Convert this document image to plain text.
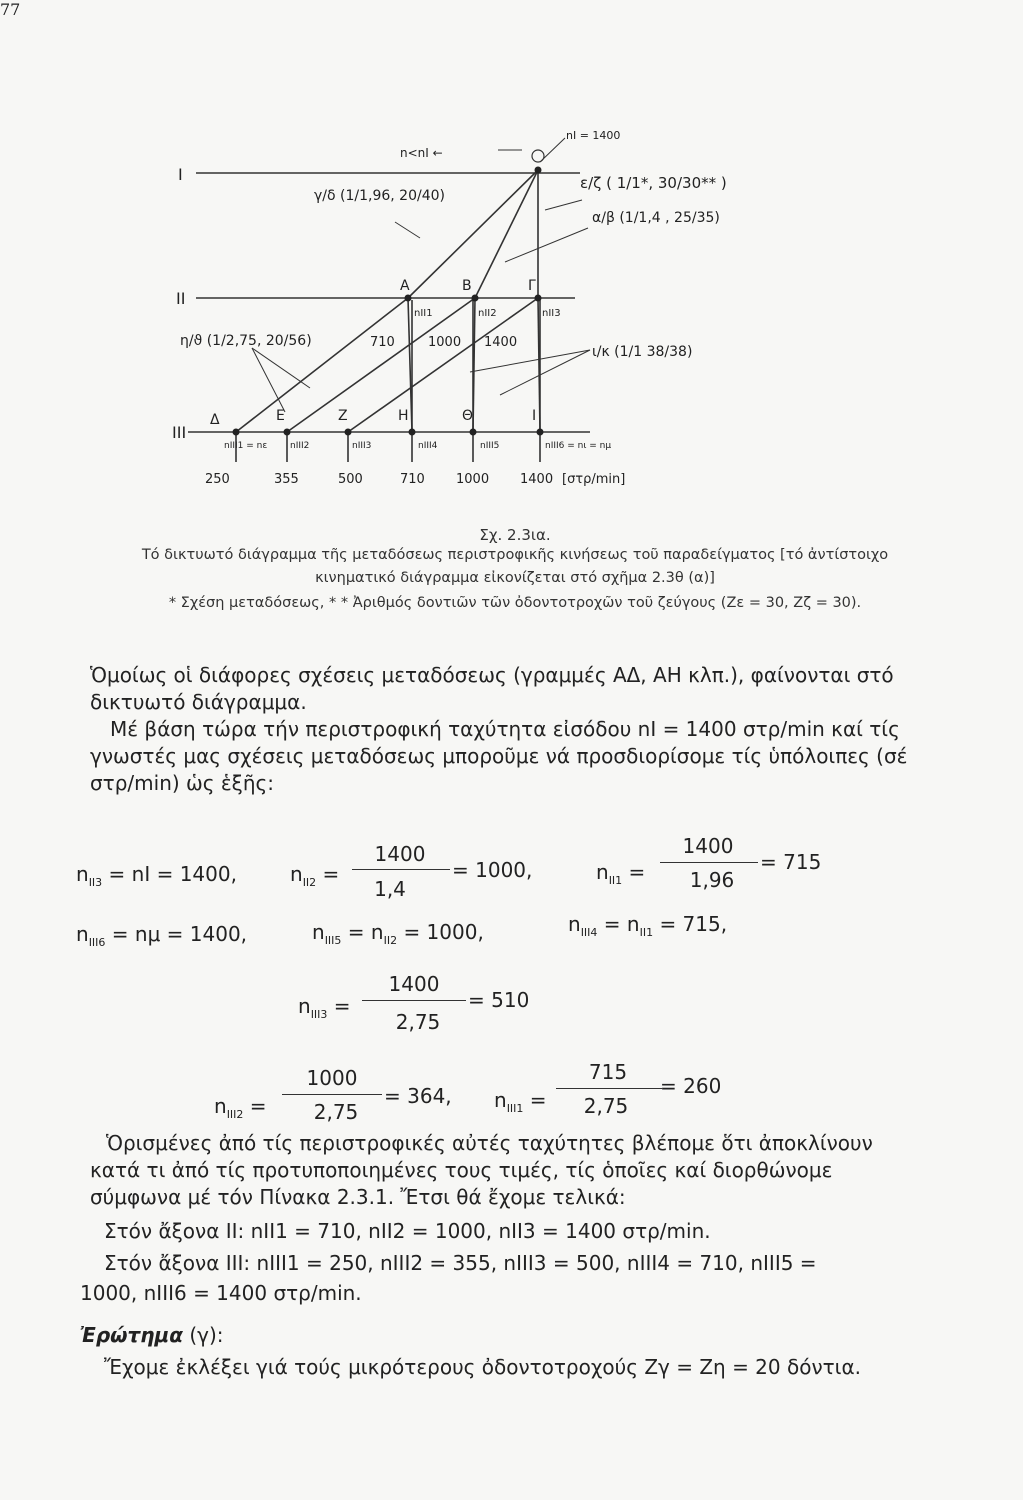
77
I
II
III
nI = 1400
n<nI ←
γ/δ (1/1,96, 20/40)
ε/ζ ( 1/1*, 30/30** )
α/β (1/1,4 , 25/35)
η/ϑ (1/2,75, 20/56)
ι/κ (1/1 38/38)
A	B	Γ
nII1	nII2	nII3
710	1000 1400
Δ	Ε	Ζ	Η	Θ	Ι
nIII1 = nε	nIII2	nIII3	nIII4	nIII5	nIII6 = nι = nμ
250	355	500	710 1000 1400 [στρ/min]
Σχ. 2.3ια.
Τό δικτυωτό διάγραμμα τῆς μεταδόσεως περιστροφικῆς κινήσεως τοῦ παραδείγματος [τό ἀντίστοιχο
κινηματικό διάγραμμα εἰκονίζεται στό σχῆμα 2.3θ (α)]
* Σχέση μεταδόσεως, * * Ἀριθμός δοντιῶν τῶν ὀδοντοτροχῶν τοῦ ζεύγους (Zε = 30, Zζ = 30).
Ὁμοίως οἱ διάφορες σχέσεις μεταδόσεως (γραμμές ΑΔ, ΑΗ κλπ.), φαίνονται στό δικτυωτό διάγραμμα.
Μέ βάση τώρα τήν περιστροφική ταχύτητα εἰσόδου nI = 1400 στρ/min καί τίς γνωστές μας σχέσεις μεταδόσεως μποροῦμε νά προσδιορίσομε τίς ὑπόλοιπες (σέ στρ/min) ὡς ἑξῆς:
$n_{II3}$ = nI = 1400,	$n_{II2}$ =
1400
1,4
= 1000,	$n_{II1}$ =
1400
1,96
= 715
$n_{III6} = n\mu = 1400$,	$n_{III5} = n_{II2} = 1000$,	$n_{III4} = n_{II1} = 715$,
$n_{III3}$ =
1400
2,75
= 510
$n_{III2}$ =
1000
2,75
= 364, $n_{III1}$ =
715
2,75
= 260
Ὁρισμένες ἀπό τίς περιστροφικές αὐτές ταχύτητες βλέπομε ὅτι ἀποκλίνουν κατά τι ἀπό τίς προτυποποιημένες τους τιμές, τίς ὁποῖες καί διορθώνομε σύμφωνα μέ τόν Πίνακα 2.3.1. Ἔτσι θά ἔχομε τελικά:
Στόν ἄξονα II: nII1 = 710, nII2 = 1000, nII3 = 1400 στρ/min.
Στόν ἄξονα III: nIII1 = 250, nIII2 = 355, nIII3 = 500, nIII4 = 710, nIII5 =
1000, nIII6 = 1400 στρ/min.
Ἐρώτημα (γ):
Ἔχομε ἐκλέξει γιά τούς μικρότερους ὀδοντοτροχούς Zγ = Zη = 20 δόντια.
